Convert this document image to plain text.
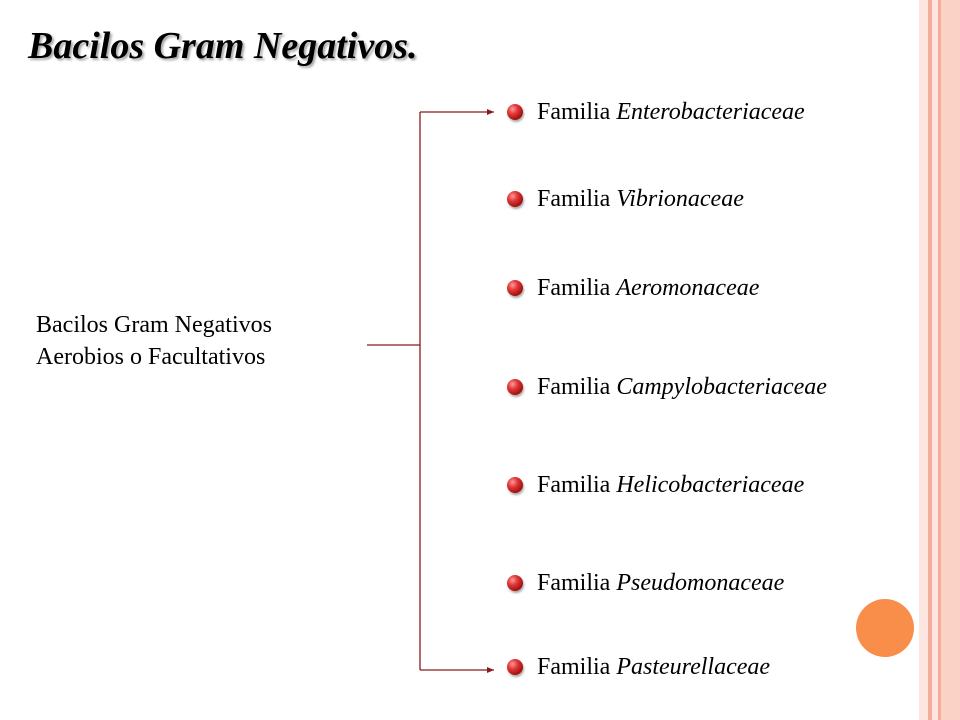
Bacilos Gram Negativos.
Bacilos Gram Negativos
Aerobios o Facultativos
Familia Enterobacteriaceae
Familia Vibrionaceae
Familia Aeromonaceae
Familia Campylobacteriaceae
Familia Helicobacteriaceae
Familia Pseudomonaceae
Familia Pasteurellaceae
